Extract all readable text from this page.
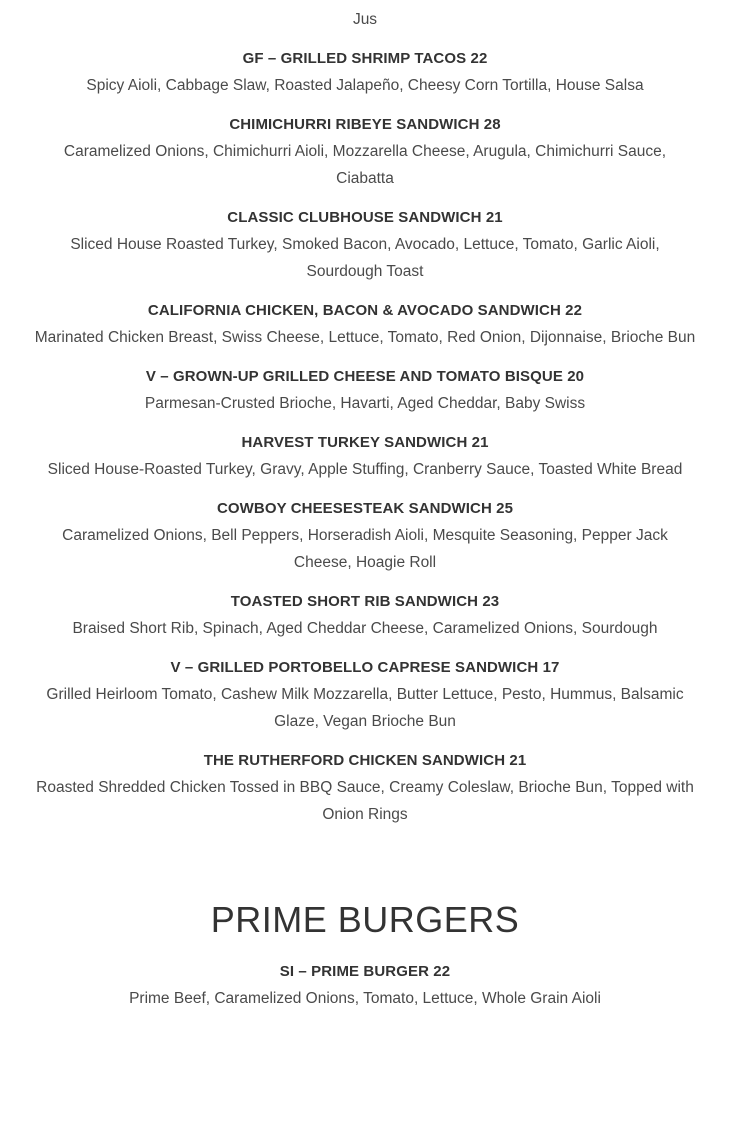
Jus
GF – GRILLED SHRIMP TACOS 22
Spicy Aioli, Cabbage Slaw, Roasted Jalapeño, Cheesy Corn Tortilla, House Salsa
CHIMICHURRI RIBEYE SANDWICH 28
Caramelized Onions, Chimichurri Aioli, Mozzarella Cheese, Arugula, Chimichurri Sauce, Ciabatta
CLASSIC CLUBHOUSE SANDWICH 21
Sliced House Roasted Turkey, Smoked Bacon, Avocado, Lettuce, Tomato, Garlic Aioli, Sourdough Toast
CALIFORNIA CHICKEN, BACON & AVOCADO SANDWICH 22
Marinated Chicken Breast, Swiss Cheese, Lettuce, Tomato, Red Onion, Dijonnaise, Brioche Bun
V – GROWN-UP GRILLED CHEESE AND TOMATO BISQUE 20
Parmesan-Crusted Brioche, Havarti, Aged Cheddar, Baby Swiss
HARVEST TURKEY SANDWICH 21
Sliced House-Roasted Turkey, Gravy, Apple Stuffing, Cranberry Sauce, Toasted White Bread
COWBOY CHEESESTEAK SANDWICH 25
Caramelized Onions, Bell Peppers, Horseradish Aioli, Mesquite Seasoning, Pepper Jack Cheese, Hoagie Roll
TOASTED SHORT RIB SANDWICH 23
Braised Short Rib, Spinach, Aged Cheddar Cheese, Caramelized Onions, Sourdough
V – GRILLED PORTOBELLO CAPRESE SANDWICH 17
Grilled Heirloom Tomato, Cashew Milk Mozzarella, Butter Lettuce, Pesto, Hummus, Balsamic Glaze, Vegan Brioche Bun
THE RUTHERFORD CHICKEN SANDWICH 21
Roasted Shredded Chicken Tossed in BBQ Sauce, Creamy Coleslaw, Brioche Bun, Topped with Onion Rings
PRIME BURGERS
SI – PRIME BURGER 22
Prime Beef, Caramelized Onions, Tomato, Lettuce, Whole Grain Aioli
